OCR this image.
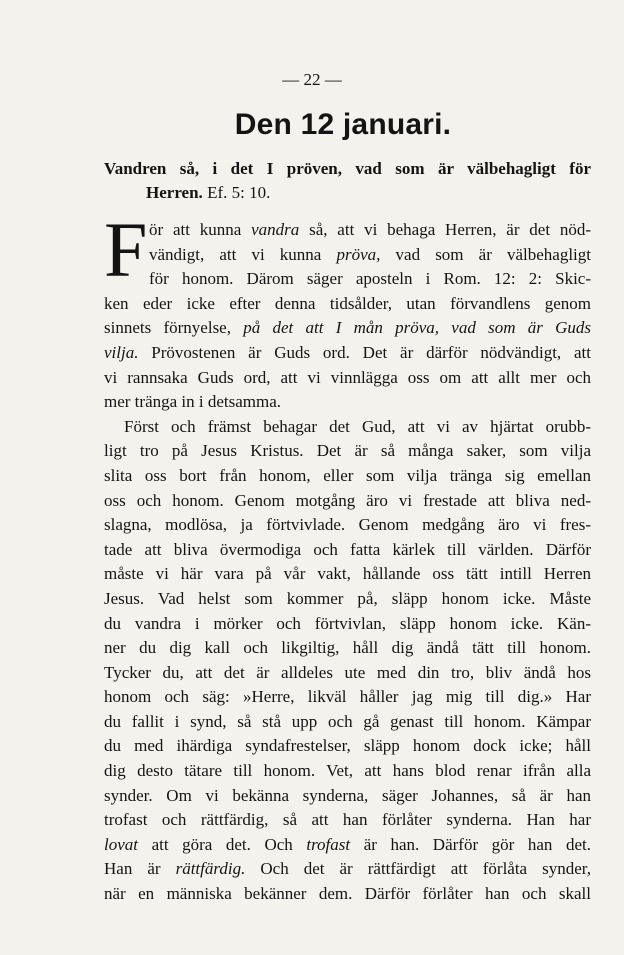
— 22 —
Den 12 januari.
Vandren så, i det I pröven, vad som är välbehagligt för
Herren. Ef. 5: 10.
F ör att kunna vandra så, att vi behaga Herren, är det nöd-
vändigt, att vi kunna pröva, vad som är välbehagligt
för honom. Därom säger aposteln i Rom. 12: 2: Skic-
ken eder icke efter denna tidsålder, utan förvandlens genom
sinnets förnyelse, på det att I mån pröva, vad som är Guds
vilja. Prövostenen är Guds ord. Det är därför nödvändigt, att
vi rannsaka Guds ord, att vi vinnlägga oss om att allt mer och
mer tränga in i detsamma.
Först och främst behagar det Gud, att vi av hjärtat orubb-
ligt tro på Jesus Kristus. Det är så många saker, som vilja
slita oss bort från honom, eller som vilja tränga sig emellan
oss och honom. Genom motgång äro vi frestade att bliva ned-
slagna, modlösa, ja förtvivlade. Genom medgång äro vi fres-
tade att bliva övermodiga och fatta kärlek till världen. Därför
måste vi här vara på vår vakt, hållande oss tätt intill Herren
Jesus. Vad helst som kommer på, släpp honom icke. Måste
du vandra i mörker och förtvivlan, släpp honom icke. Kän-
ner du dig kall och likgiltig, håll dig ändå tätt till honom.
Tycker du, att det är alldeles ute med din tro, bliv ändå hos
honom och säg: »Herre, likväl håller jag mig till dig.» Har
du fallit i synd, så stå upp och gå genast till honom. Kämpar
du med ihärdiga syndafrestelser, släpp honom dock icke; håll
dig desto tätare till honom. Vet, att hans blod renar ifrån alla
synder. Om vi bekänna synderna, säger Johannes, så är han
trofast och rättfärdig, så att han förlåter synderna. Han har
lovat att göra det. Och trofast är han. Därför gör han det.
Han är rättfärdig. Och det är rättfärdigt att förlåta synder,
när en människa bekänner dem. Därför förlåter han och skall
